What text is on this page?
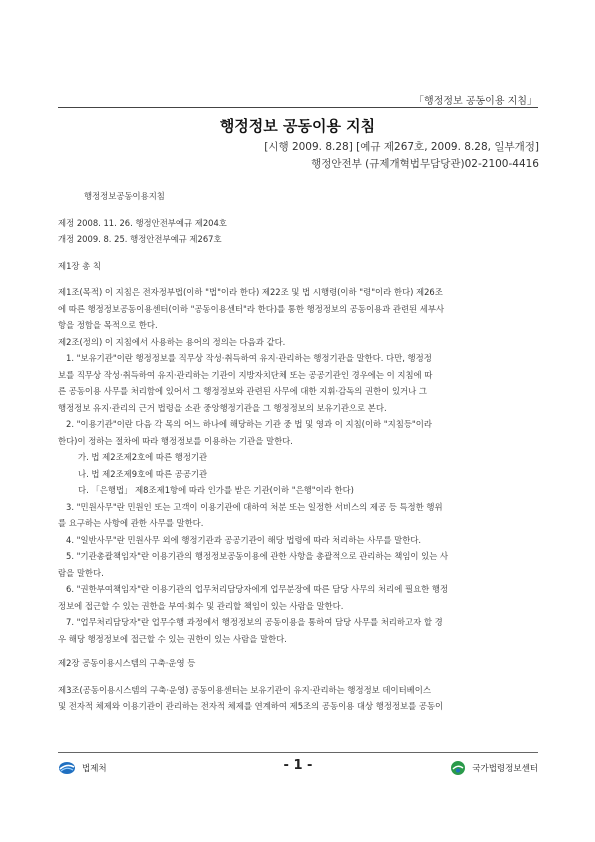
「행정정보 공동이용 지침」
행정정보 공동이용 지침
[시행 2009. 8.28] [예규 제267호, 2009. 8.28, 일부개정]
행정안전부 (규제개혁법무담당관)02-2100-4416

행정정보공동이용지침

제정 2008. 11. 26. 행정안전부예규 제204호

개정 2009. 8. 25. 행정안전부예규 제267호

제1장 총 칙

제1조(목적) 이 지침은 전자정부법(이하 "법"이라 한다) 제22조 및 법 시행령(이하 "령"이라 한다) 제26조

에 따른 행정정보공동이용센터(이하 "공동이용센터"라 한다)를 통한 행정정보의 공동이용과 관련된 세부사

항을 정함을 목적으로 한다.

제2조(정의) 이 지침에서 사용하는 용어의 정의는 다음과 같다.

1. "보유기관"이란 행정정보를 직무상 작성·취득하여 유지·관리하는 행정기관을 말한다. 다만, 행정정

보를 직무상 작성·취득하여 유지·관리하는 기관이 지방자치단체 또는 공공기관인 경우에는 이 지침에 따

른 공동이용 사무를 처리함에 있어서 그 행정정보와 관련된 사무에 대한 지휘·감독의 권한이 있거나 그

행정정보 유지·관리의 근거 법령을 소관 중앙행정기관을 그 행정정보의 보유기관으로 본다.

2. "이용기관"이란 다음 각 목의 어느 하나에 해당하는 기관 중 법 및 영과 이 지침(이하 "지침등"이라

한다)이 정하는 절차에 따라 행정정보를 이용하는 기관을 말한다.

가. 법 제2조제2호에 따른 행정기관

나. 법 제2조제9호에 따른 공공기관

다. 「은행법」 제8조제1항에 따라 인가를 받은 기관(이하 "은행"이라 한다)

3. "민원사무"란 민원인 또는 고객이 이용기관에 대하여 처분 또는 일정한 서비스의 제공 등 특정한 행위

를 요구하는 사항에 관한 사무를 말한다.

4. "일반사무"란 민원사무 외에 행정기관과 공공기관이 해당 법령에 따라 처리하는 사무를 말한다.

5. "기관총괄책임자"란 이용기관의 행정정보공동이용에 관한 사항을 총괄적으로 관리하는 책임이 있는 사

람을 말한다.

6. "권한부여책임자"란 이용기관의 업무처리담당자에게 업무분장에 따른 담당 사무의 처리에 필요한 행정

정보에 접근할 수 있는 권한을 부여·회수 및 관리할 책임이 있는 사람을 말한다.

7. "업무처리담당자"란 업무수행 과정에서 행정정보의 공동이용을 통하여 담당 사무를 처리하고자 할 경

우 해당 행정정보에 접근할 수 있는 권한이 있는 사람을 말한다.

제2장 공동이용시스템의 구축·운영 등

제3조(공동이용시스템의 구축·운영) 공동이용센터는 보유기관이 유지·관리하는 행정정보 데이터베이스

및 전자적 체제와 이용기관이 관리하는 전자적 체제를 연계하여 제5조의 공동이용 대상 행정정보를 공동이

법제처	- 1 -	국가법령정보센터
